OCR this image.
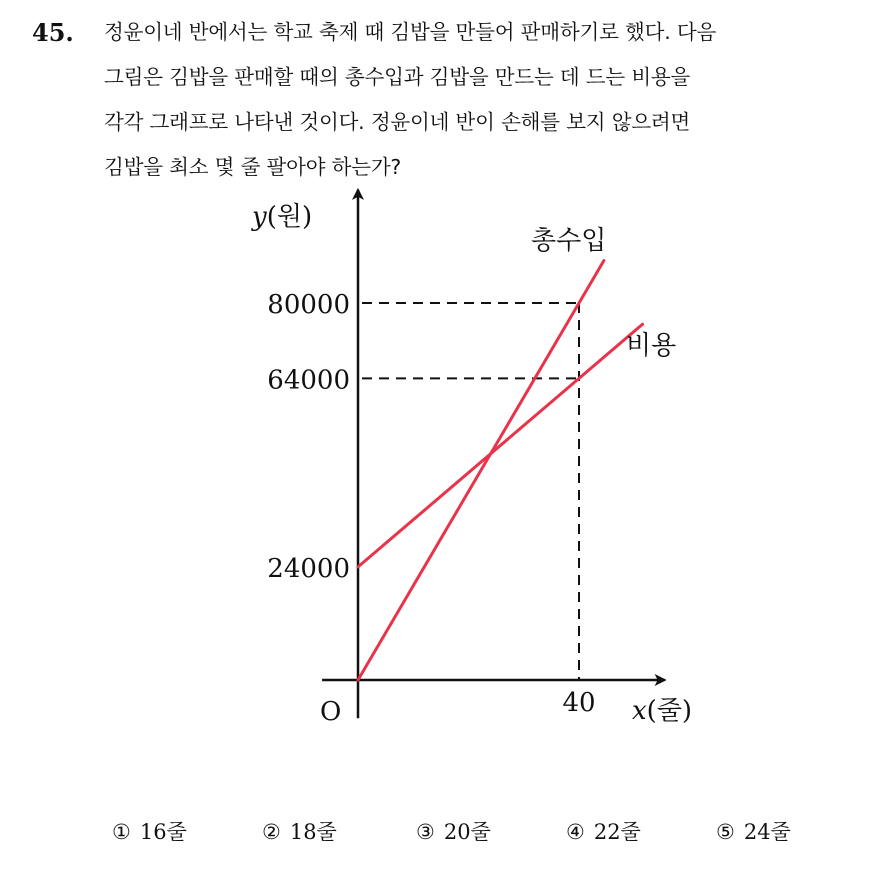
45. 정윤이네 반에서는 학교 축제 때 김밥을 만들어 판매하기로 했다. 다음
그림은 김밥을 판매할 때의 총수입과 김밥을 만드는 데 드는 비용을
각각 그래프로 나타낸 것이다. 정윤이네 반이 손해를 보지 않으려면
김밥을 최소 몇 줄 팔아야 하는가?
y(원)
x(줄)
O
80000
64000
24000
40
총수입
비용
① 16줄	② 18줄	③ 20줄	④ 22줄	⑤ 24줄
